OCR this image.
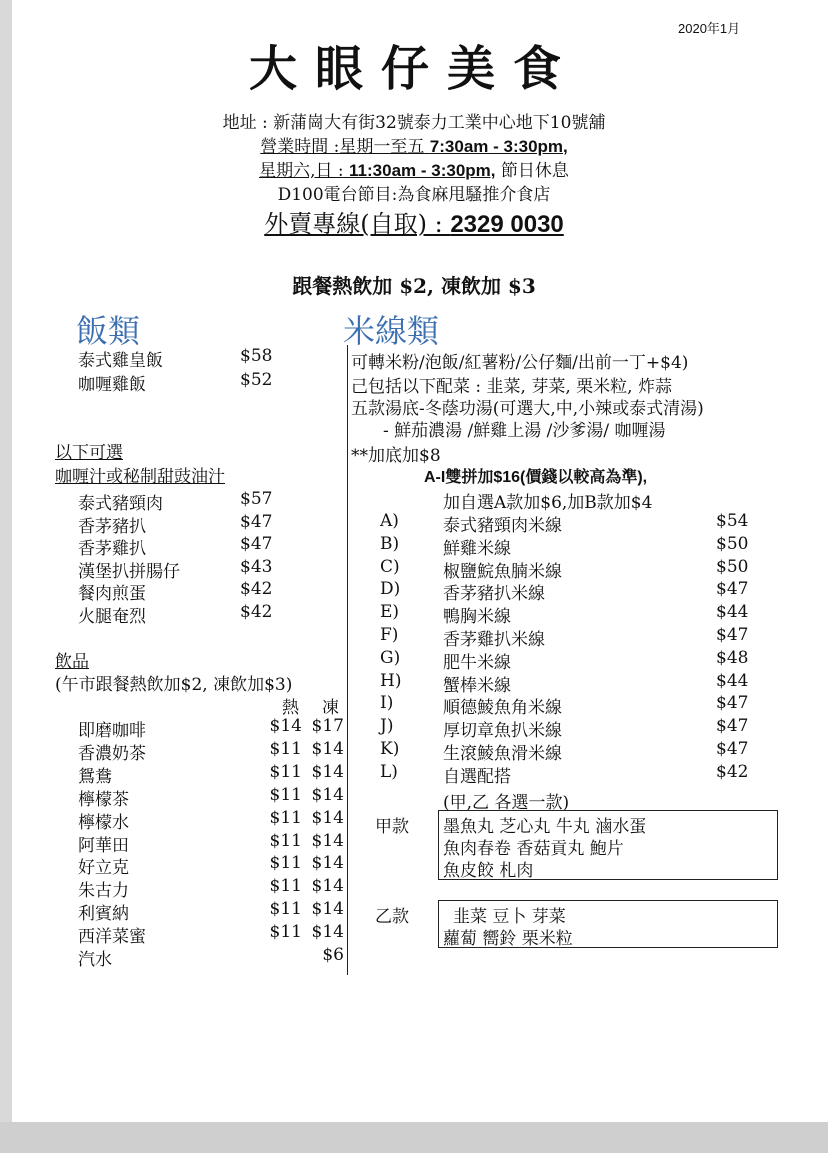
2020年1月
大眼仔美食
地址 : 新蒲崗大有街32號泰力工業中心地下10號舖
營業時間 :星期一至五 7:30am - 3:30pm,
星期六,日 : 11:30am - 3:30pm, 節日休息
D100電台節目:為食麻甩騷推介食店
外賣專線(自取) : 2329 0030
跟餐熱飲加 $2, 凍飲加 $3
飯類
泰式雞皇飯	$58
咖喱雞飯	$52
以下可選
咖喱汁或秘制甜豉油汁
泰式豬頸肉	$57
香茅豬扒	$47
香茅雞扒	$47
漢堡扒拼腸仔	$43
餐肉煎蛋	$42
火腿奄烈	$42
飲品
(午市跟餐熱飲加$2, 凍飲加$3)
熱 凍
即磨咖啡	$14 $17
香濃奶茶	$11 $14
鴛鴦	$11 $14
檸檬茶	$11 $14
檸檬水	$11 $14
阿華田	$11 $14
好立克	$11 $14
朱古力	$11 $14
利賓納	$11 $14
西洋菜蜜	$11 $14
汽水	$6
米線類
可轉米粉/泡飯/紅薯粉/公仔麵/出前一丁+$4)
己包括以下配菜 : 韭菜, 芽菜, 栗米粒, 炸蒜
五款湯底-冬蔭功湯(可選大,中,小辣或泰式清湯)
- 鮮茄濃湯 /鮮雞上湯 /沙爹湯/ 咖喱湯
**加底加$8
A-I雙拼加$16(價錢以較高為準),
加自選A款加$6,加B款加$4
A)	泰式豬頸肉米線	$54
B)	鮮雞米線	$50
C)	椒鹽鯇魚腩米線	$50
D)	香茅豬扒米線	$47
E)	鴨胸米線	$44
F)	香茅雞扒米線	$47
G)	肥牛米線	$48
H) 蟹棒米線	$44
I)	順德鯪魚角米線	$47
J)	厚切章魚扒米線	$47
K)	生滾鯪魚滑米線	$47
L)	自選配搭	$42
(甲,乙 各選一款)
甲款 墨魚丸 芝心丸 牛丸 滷水蛋
魚肉春卷 香菇貢丸 鮑片
魚皮餃 札肉
乙款	韭菜 豆卜 芽菜
蘿蔔 嚮鈴 栗米粒
